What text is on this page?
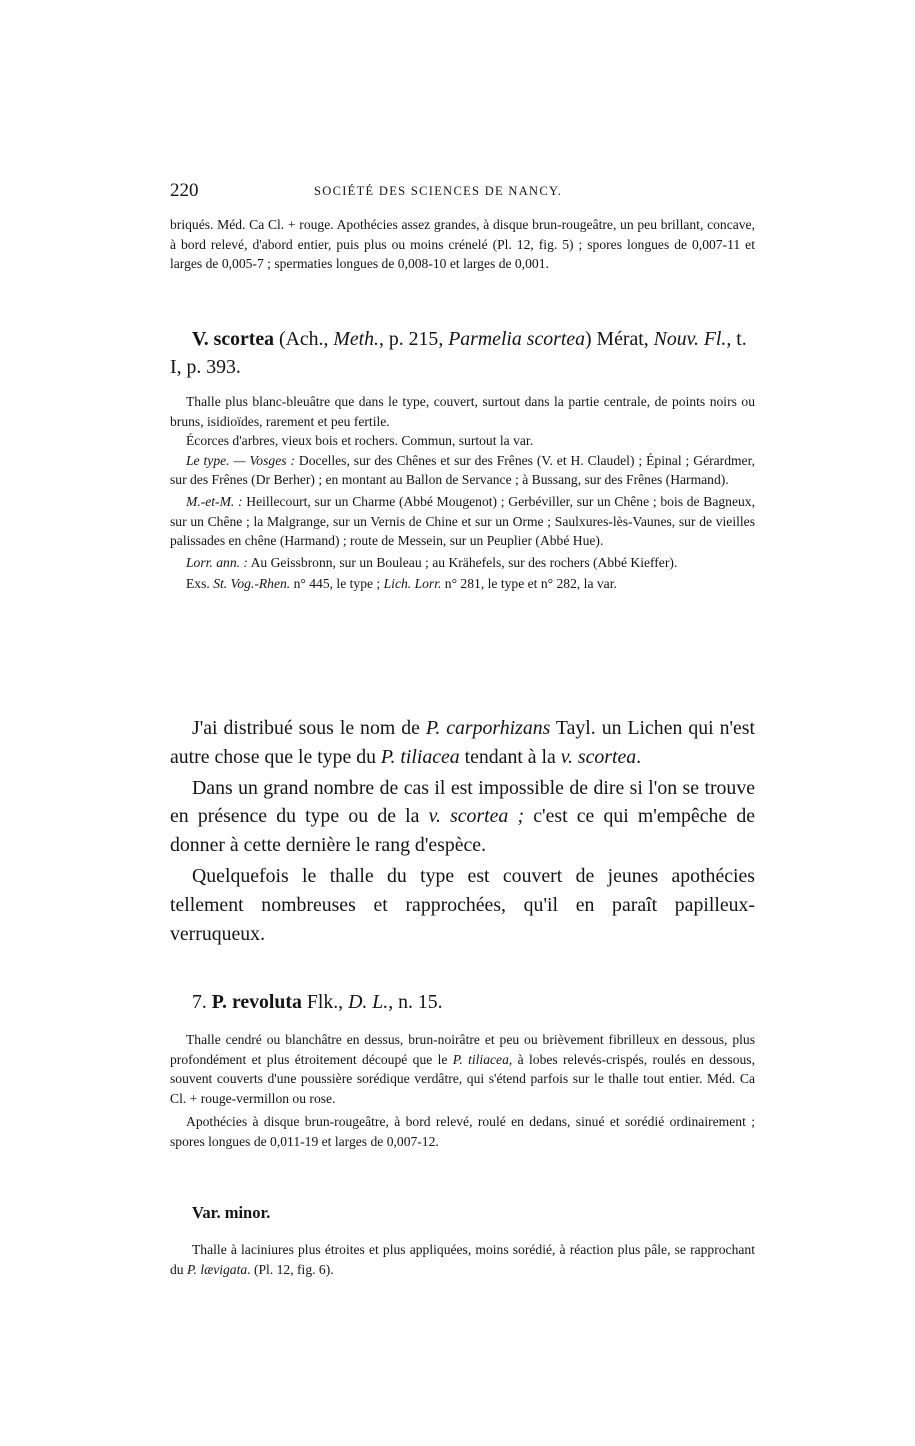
220	SOCIÉTÉ DES SCIENCES DE NANCY.

briqués. Méd. Ca Cl. + rouge. Apothécies assez grandes, à disque brun-rougeâtre, un peu brillant, concave, à bord relevé, d'abord entier, puis plus ou moins crénelé (Pl. 12, fig. 5) ; spores longues de 0,007-11 et larges de 0,005-7 ; spermaties longues de 0,008-10 et larges de 0,001.

V. scortea (Ach., Meth., p. 215, Parmelia scortea) Mérat, Nouv. Fl., t. I, p. 393.

Thalle plus blanc-bleuâtre que dans le type, couvert, surtout dans la partie centrale, de points noirs ou bruns, isidioïdes, rarement et peu fertile.

Écorces d'arbres, vieux bois et rochers. Commun, surtout la var.

Le type. — Vosges : Docelles, sur des Chênes et sur des Frênes (V. et H. Claudel) ; Épinal ; Gérardmer, sur des Frênes (Dr Berher) ; en montant au Ballon de Servance ; à Bussang, sur des Frênes (Harmand).

M.-et-M. : Heillecourt, sur un Charme (Abbé Mougenot) ; Gerbéviller, sur un Chêne ; bois de Bagneux, sur un Chêne ; la Malgrange, sur un Vernis de Chine et sur un Orme ; Saulxures-lès-Vaunes, sur de vieilles palissades en chêne (Harmand) ; route de Messein, sur un Peuplier (Abbé Hue).

Lorr. ann. : Au Geissbronn, sur un Bouleau ; au Krähefels, sur des rochers (Abbé Kieffer).

Exs. St. Vog.-Rhen. n° 445, le type ; Lich. Lorr. n° 281, le type et n° 282, la var.

J'ai distribué sous le nom de P. carporhizans Tayl. un Lichen qui n'est autre chose que le type du P. tiliacea tendant à la v. scortea.

Dans un grand nombre de cas il est impossible de dire si l'on se trouve en présence du type ou de la v. scortea ; c'est ce qui m'empêche de donner à cette dernière le rang d'espèce.

Quelquefois le thalle du type est couvert de jeunes apothécies tellement nombreuses et rapprochées, qu'il en paraît papilleux-verruqueux.

7. P. revoluta Flk., D. L., n. 15.

Thalle cendré ou blanchâtre en dessus, brun-noirâtre et peu ou brièvement fibrilleux en dessous, plus profondément et plus étroitement découpé que le P. tiliacea, à lobes relevés-crispés, roulés en dessous, souvent couverts d'une poussière sorédique verdâtre, qui s'étend parfois sur le thalle tout entier. Méd. Ca Cl. + rouge-vermillon ou rose.

Apothécies à disque brun-rougeâtre, à bord relevé, roulé en dedans, sinué et sorédié ordinairement ; spores longues de 0,011-19 et larges de 0,007-12.

Var. minor.

Thalle à laciniures plus étroites et plus appliquées, moins sorédié, à réaction plus pâle, se rapprochant du P. lævigata. (Pl. 12, fig. 6).
